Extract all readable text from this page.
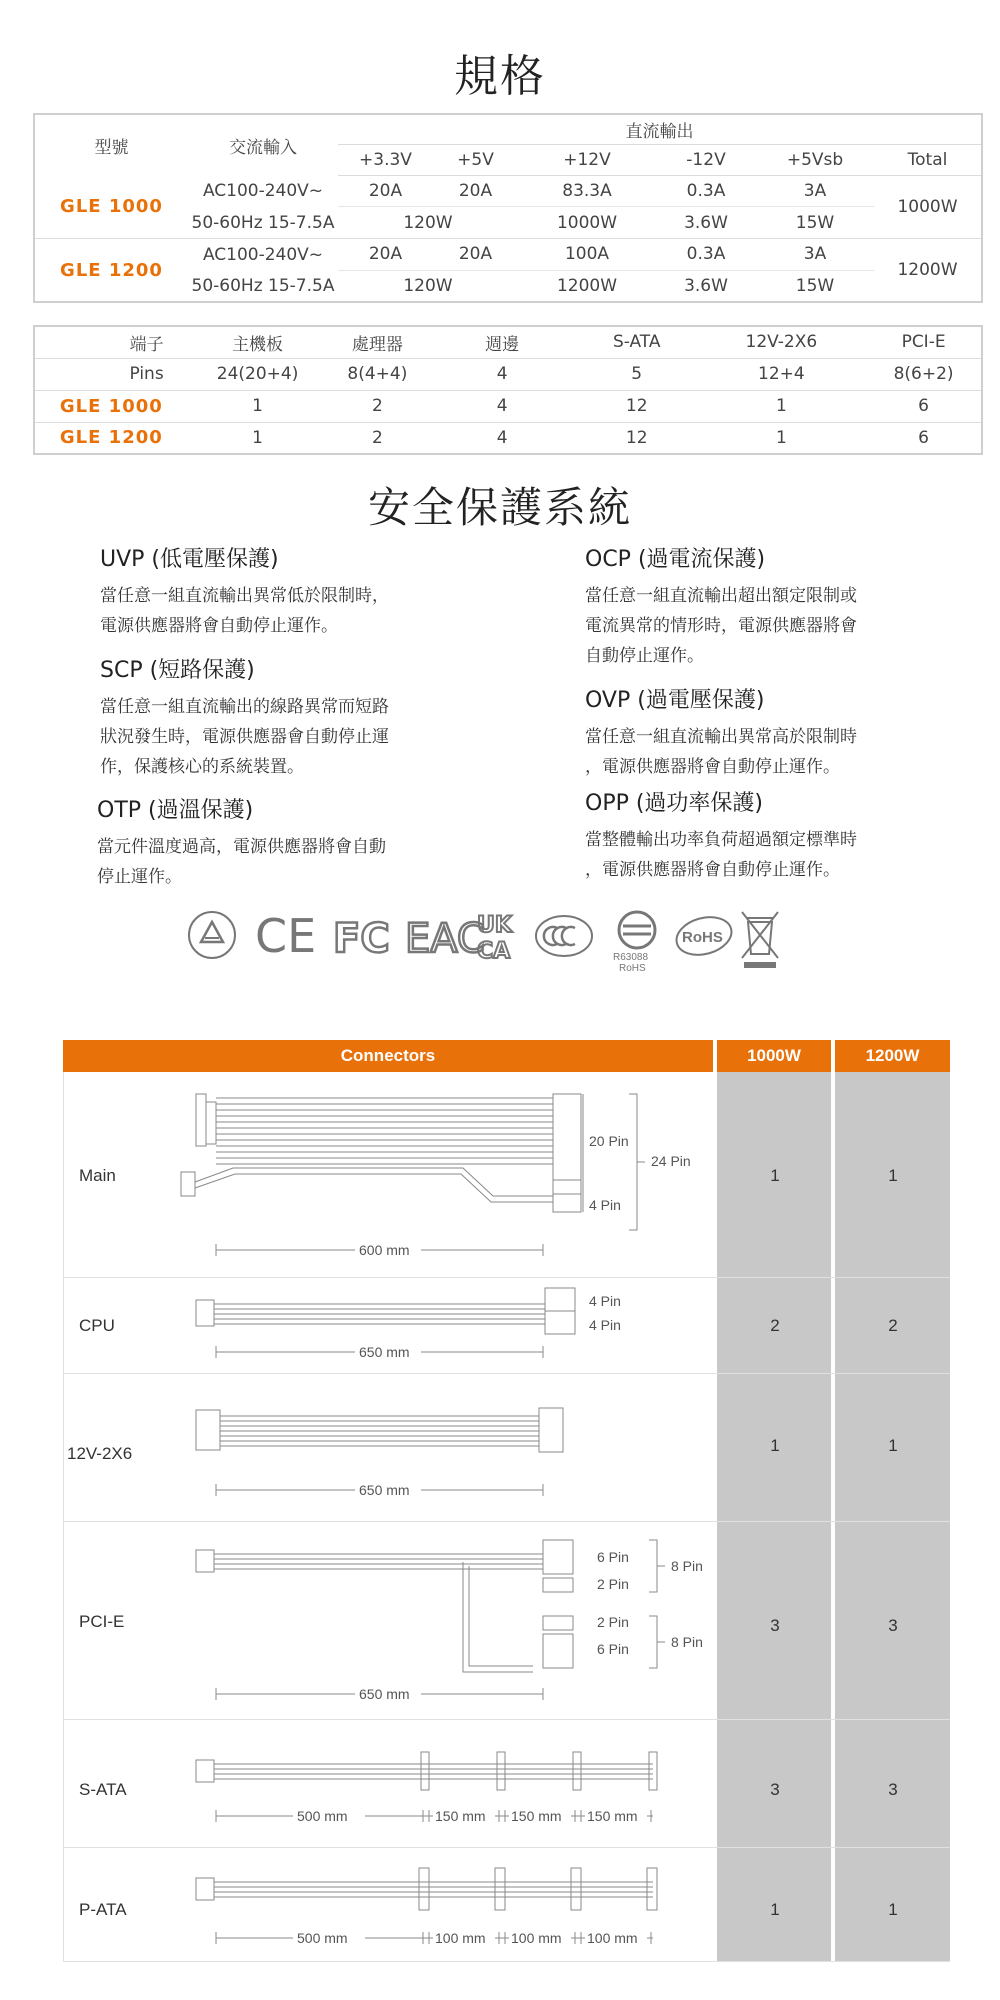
規格
型號	交流輸入	直流輸出					
		+3.3V	+5V	+12V	-12V	+5Vsb	Total
GLE 1000	AC100-240V~	20A	20A	83.3A	0.3A	3A	1000W
	50-60Hz 15-7.5A	120W		1000W	3.6W	15W	
GLE 1200	AC100-240V~	20A	20A	100A	0.3A	3A	1200W
	50-60Hz 15-7.5A	120W		1200W	3.6W	15W	
端子	主機板	處理器	週邊	S-ATA	12V-2X6	PCI-E
Pins	24(20+4)	8(4+4)	4	5	12+4	8(6+2)
GLE 1000	1	2	4	12	1	6
GLE 1200	1	2	4	12	1	6
安全保護系統
UVP (低電壓保護)

當任意一組直流輸出異常低於限制時，
電源供應器將會自動停止運作。

SCP (短路保護)

當任意一組直流輸出的線路異常而短路
狀況發生時，電源供應器會自動停止運
作，保護核心的系統裝置。

OTP (過溫保護)

當元件溫度過高，電源供應器將會自動
停止運作。

OCP (過電流保護)

當任意一組直流輸出超出額定限制或
電流異常的情形時，電源供應器將會
自動停止運作。

OVP (過電壓保護)

當任意一組直流輸出異常高於限制時
，電源供應器將會自動停止運作。

OPP (過功率保護)

當整體輸出功率負荷超過額定標準時
，電源供應器將會自動停止運作。

CE FC EAC
UK
CA	R63088
RoHS
RoHS
Connectors	1000W	1200W
Main	1	1
600 mm
20 Pin
4 Pin
24 Pin
CPU	2	2
650 mm
4 Pin
4 Pin
12V-2X6	1	1
650 mm
PCI-E	3	3
650 mm
6 Pin
2 Pin
2 Pin
6 Pin
8 Pin
8 Pin
S-ATA	3	3
500 mm	150 mm 150 mm 150 mm
P-ATA	1	1
500 mm	100 mm 100 mm 100 mm
